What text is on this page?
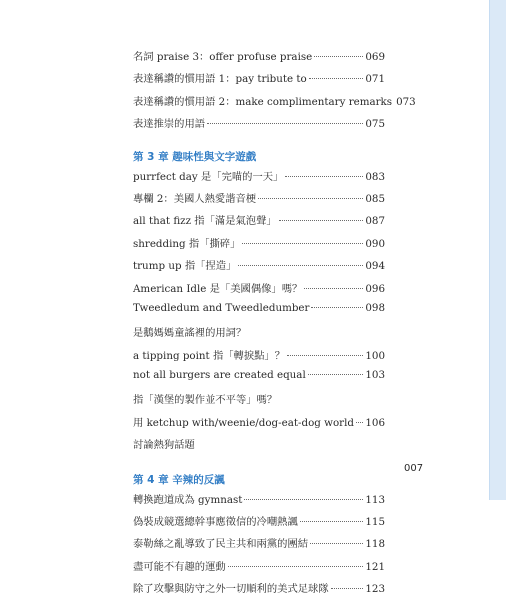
名詞 praise 3：offer profuse praise	069
表達稱讚的慣用語 1：pay tribute to	071
表達稱讚的慣用語 2：make complimentary remarks 073
表達推崇的用語	075
第 3 章 趣味性與文字遊戲
purrfect day 是「完喵的一天」	083
專欄 2：美國人熱愛諧音梗	085
all that fizz 指「滿是氣泡聲」	087
shredding 指「撕碎」	090
trump up 指「捏造」	094
American Idle 是「美國偶像」嗎？	096
Tweedledum and Tweedledumber	098
是鵝媽媽童謠裡的用詞？
a tipping point 指「轉捩點」？	100
not all burgers are created equal	103
指「漢堡的製作並不平等」嗎？
用 ketchup with/weenie/dog-eat-dog world 106
討論熱狗話題
第 4 章 辛辣的反諷
轉換跑道成為 gymnast	113
偽裝成競選總幹事應徵信的冷嘲熱諷	115
泰勒絲之亂導致了民主共和兩黨的團結	118
盡可能不有趣的運動	121
除了攻擊與防守之外一切順利的美式足球隊	123
007
